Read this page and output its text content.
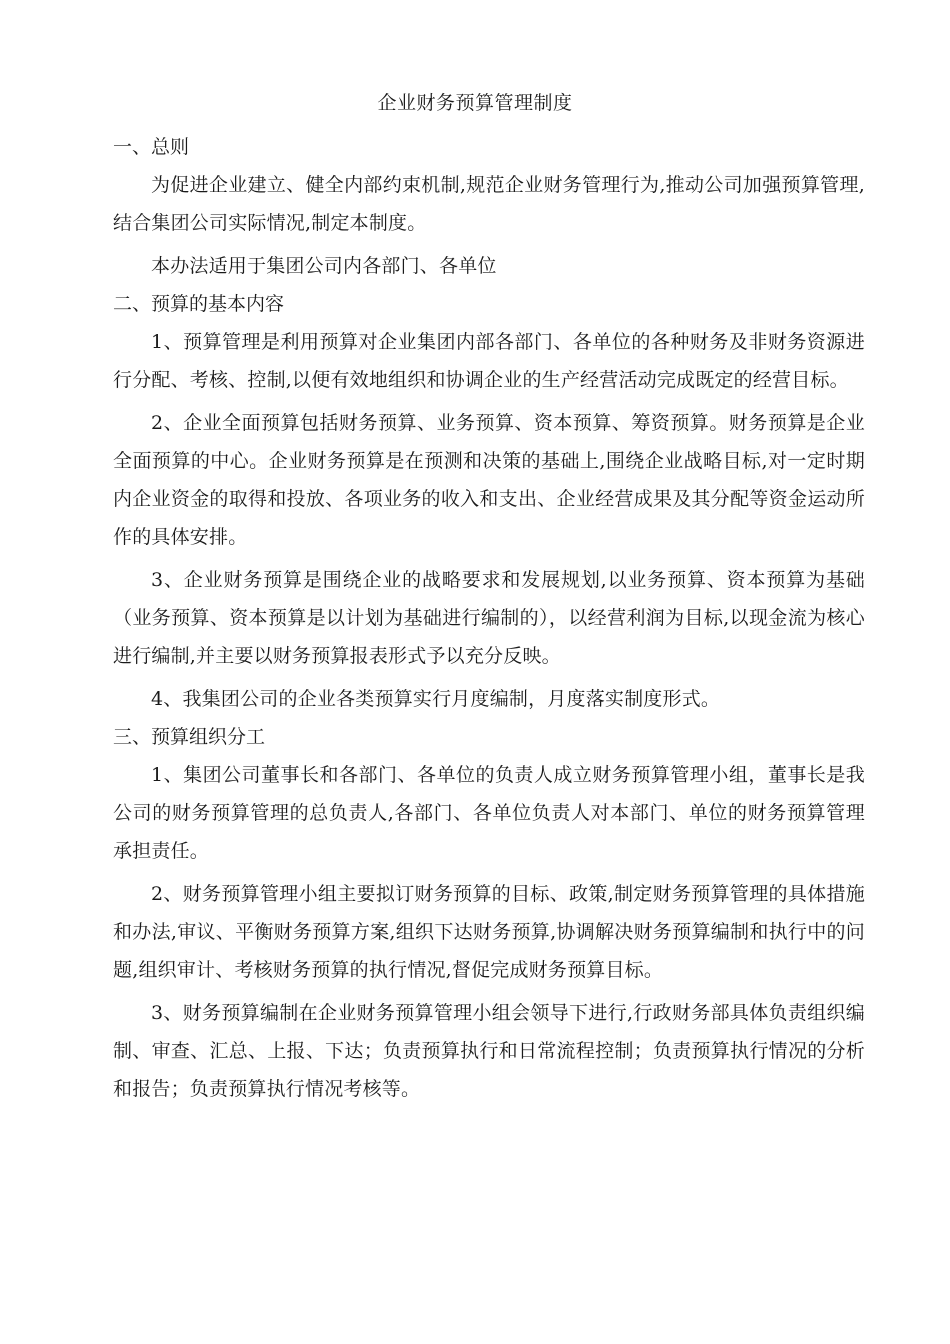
企业财务预算管理制度

一、总则

为促进企业建立、健全内部约束机制,规范企业财务管理行为,推动公司加强预算管理,结合集团公司实际情况,制定本制度。

本办法适用于集团公司内各部门、各单位

二、预算的基本内容

1、预算管理是利用预算对企业集团内部各部门、各单位的各种财务及非财务资源进行分配、考核、控制,以便有效地组织和协调企业的生产经营活动完成既定的经营目标。

2、企业全面预算包括财务预算、业务预算、资本预算、筹资预算。财务预算是企业全面预算的中心。企业财务预算是在预测和决策的基础上,围绕企业战略目标,对一定时期内企业资金的取得和投放、各项业务的收入和支出、企业经营成果及其分配等资金运动所作的具体安排。

3、企业财务预算是围绕企业的战略要求和发展规划,以业务预算、资本预算为基础（业务预算、资本预算是以计划为基础进行编制的），以经营利润为目标,以现金流为核心进行编制,并主要以财务预算报表形式予以充分反映。

4、我集团公司的企业各类预算实行月度编制，月度落实制度形式。

三、预算组织分工

1、集团公司董事长和各部门、各单位的负责人成立财务预算管理小组，董事长是我公司的财务预算管理的总负责人,各部门、各单位负责人对本部门、单位的财务预算管理承担责任。

2、财务预算管理小组主要拟订财务预算的目标、政策,制定财务预算管理的具体措施和办法,审议、平衡财务预算方案,组织下达财务预算,协调解决财务预算编制和执行中的问题,组织审计、考核财务预算的执行情况,督促完成财务预算目标。

3、财务预算编制在企业财务预算管理小组会领导下进行,行政财务部具体负责组织编制、审查、汇总、上报、下达；负责预算执行和日常流程控制；负责预算执行情况的分析和报告；负责预算执行情况考核等。
